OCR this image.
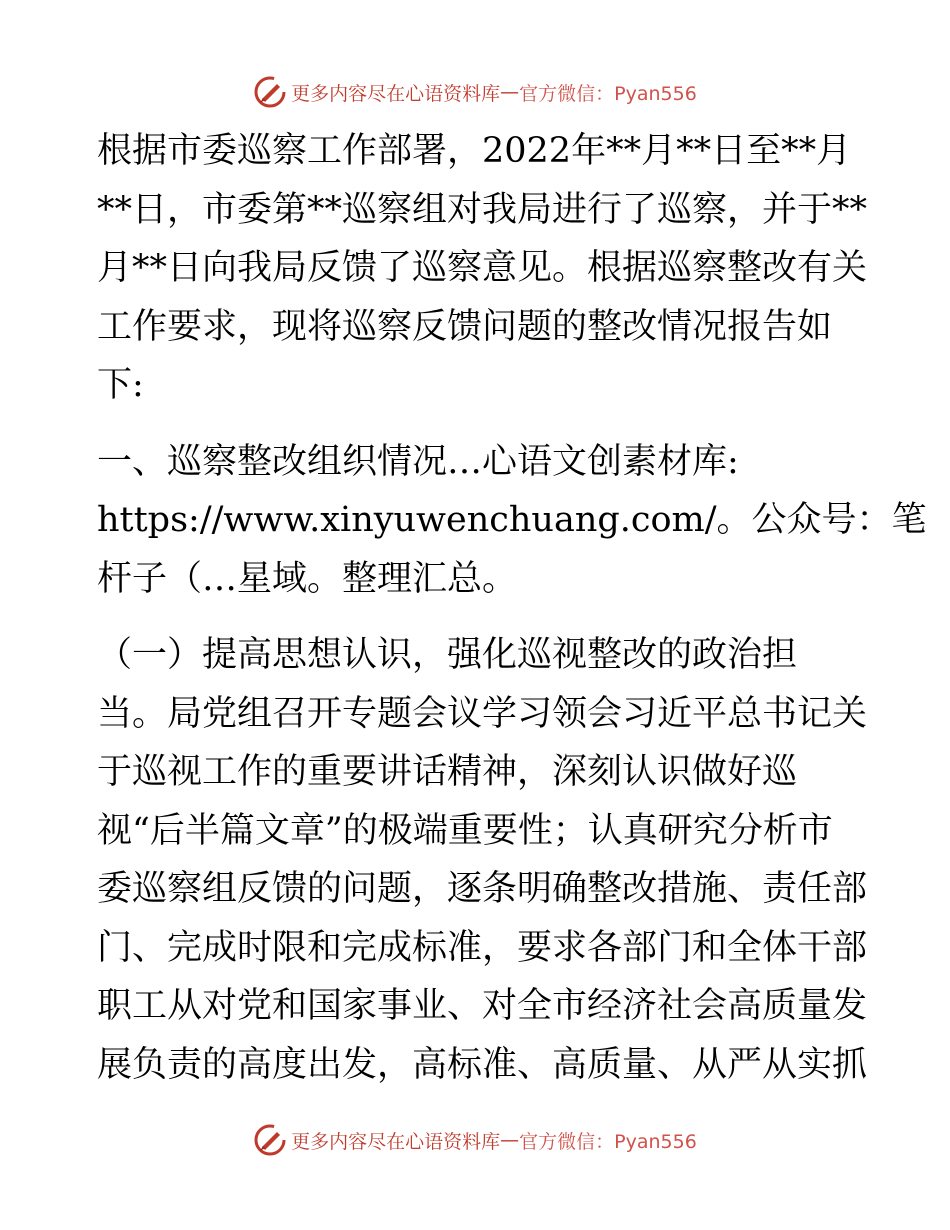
更多内容尽在心语资料库 — 官方微信：Pyan556
根据市委巡察工作部署，2022年**月**日至**月
**日，市委第**巡察组对我局进行了巡察，并于**
月**日向我局反馈了巡察意见。根据巡察整改有关
工作要求，现将巡察反馈问题的整改情况报告如
下:
一、巡察整改组织情况…心语文创素材库:
https://www.xinyuwenchuang.com/。公众号：笔
杆子（…星域。整理汇总。
（一）提高思想认识，强化巡视整改的政治担
当。局党组召开专题会议学习领会习近平总书记关
于巡视工作的重要讲话精神，深刻认识做好巡
视“后半篇文章”的极端重要性；认真研究分析市
委巡察组反馈的问题，逐条明确整改措施、责任部
门、完成时限和完成标准，要求各部门和全体干部
职工从对党和国家事业、对全市经济社会高质量发
展负责的高度出发，高标准、高质量、从严从实抓
更多内容尽在心语资料库 — 官方微信：Pyan556
